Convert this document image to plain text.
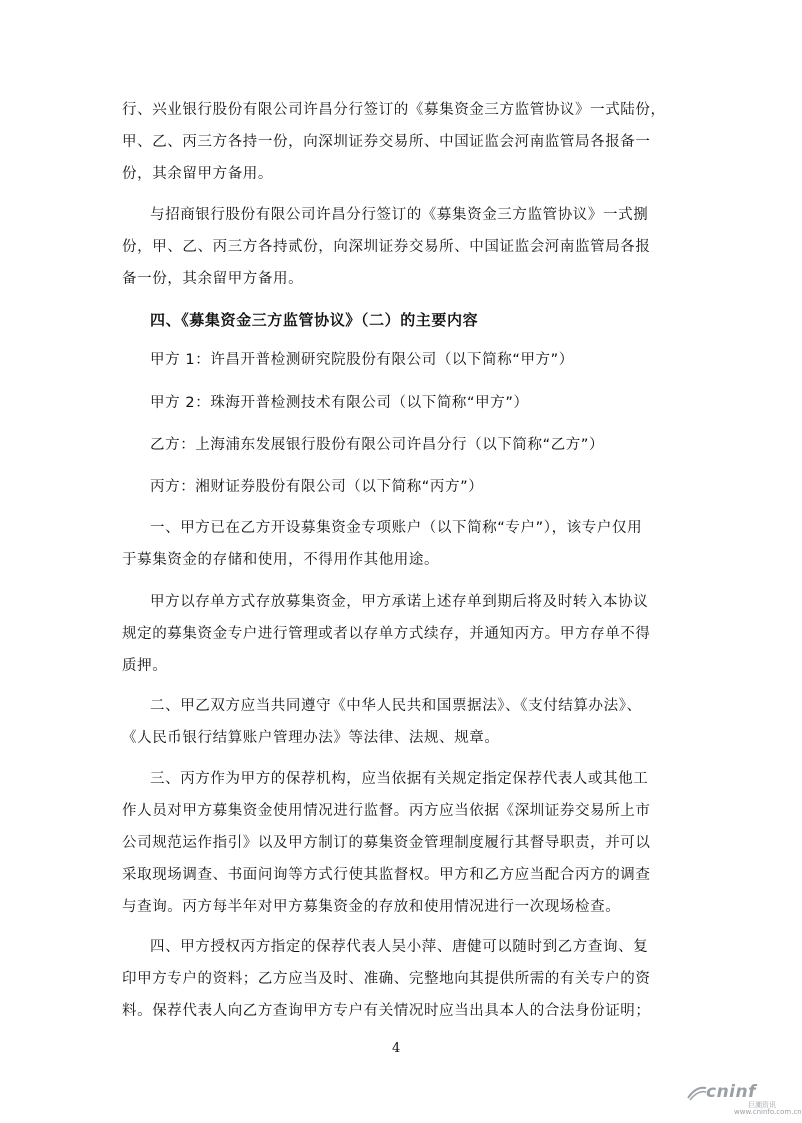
行、兴业银行股份有限公司许昌分行签订的《募集资金三方监管协议》一式陆份，
甲、乙、丙三方各持一份，向深圳证券交易所、中国证监会河南监管局各报备一
份，其余留甲方备用。
与招商银行股份有限公司许昌分行签订的《募集资金三方监管协议》一式捌
份，甲、乙、丙三方各持贰份，向深圳证券交易所、中国证监会河南监管局各报
备一份，其余留甲方备用。
四、《募集资金三方监管协议》（二）的主要内容
甲方 1：许昌开普检测研究院股份有限公司（以下简称“甲方”）
甲方 2：珠海开普检测技术有限公司（以下简称“甲方”）
乙方：上海浦东发展银行股份有限公司许昌分行（以下简称“乙方”）
丙方：湘财证券股份有限公司（以下简称“丙方”）
一、甲方已在乙方开设募集资金专项账户（以下简称“专户”），该专户仅用
于募集资金的存储和使用，不得用作其他用途。
甲方以存单方式存放募集资金，甲方承诺上述存单到期后将及时转入本协议
规定的募集资金专户进行管理或者以存单方式续存，并通知丙方。甲方存单不得
质押。
二、甲乙双方应当共同遵守《中华人民共和国票据法》、《支付结算办法》、
《人民币银行结算账户管理办法》等法律、法规、规章。
三、丙方作为甲方的保荐机构，应当依据有关规定指定保荐代表人或其他工
作人员对甲方募集资金使用情况进行监督。丙方应当依据《深圳证券交易所上市
公司规范运作指引》以及甲方制订的募集资金管理制度履行其督导职责，并可以
采取现场调查、书面问询等方式行使其监督权。甲方和乙方应当配合丙方的调查
与查询。丙方每半年对甲方募集资金的存放和使用情况进行一次现场检查。
四、甲方授权丙方指定的保荐代表人吴小萍、唐健可以随时到乙方查询、复
印甲方专户的资料；乙方应当及时、准确、完整地向其提供所需的有关专户的资
料。保荐代表人向乙方查询甲方专户有关情况时应当出具本人的合法身份证明；
4
cninf
巨潮资讯
www.cninfo.com.cn
